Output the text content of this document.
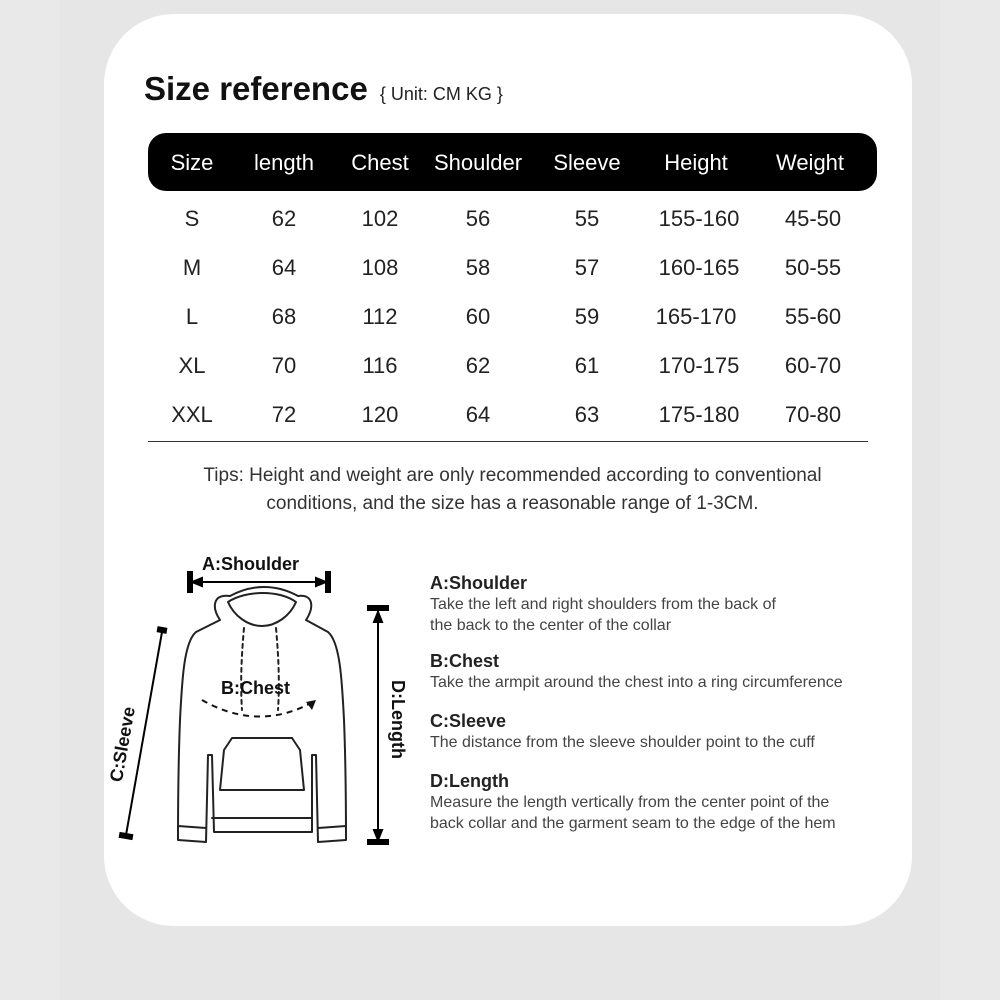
Size reference { Unit: CM KG }
Size	length	Chest	Shoulder	Sleeve	Height	Weight
S	62	102	56	55	155-160	45-50
M	64	108	58	57	160-165	50-55
L	68	112	60	59	165-170	55-60
XL	70	116	62	61	170-175	60-70
XXL	72	120	64	63	175-180	70-80
Tips: Height and weight are only recommended according to conventional
conditions, and the size has a reasonable range of 1-3CM.
A:Shoulder
B:Chest
C:Sleeve	D:Length
A:Shoulder
Take the left and right shoulders from the back of
the back to the center of the collar
B:Chest
Take the armpit around the chest into a ring circumference
C:Sleeve
The distance from the sleeve shoulder point to the cuff
D:Length
Measure the length vertically from the center point of the
back collar and the garment seam to the edge of the hem
